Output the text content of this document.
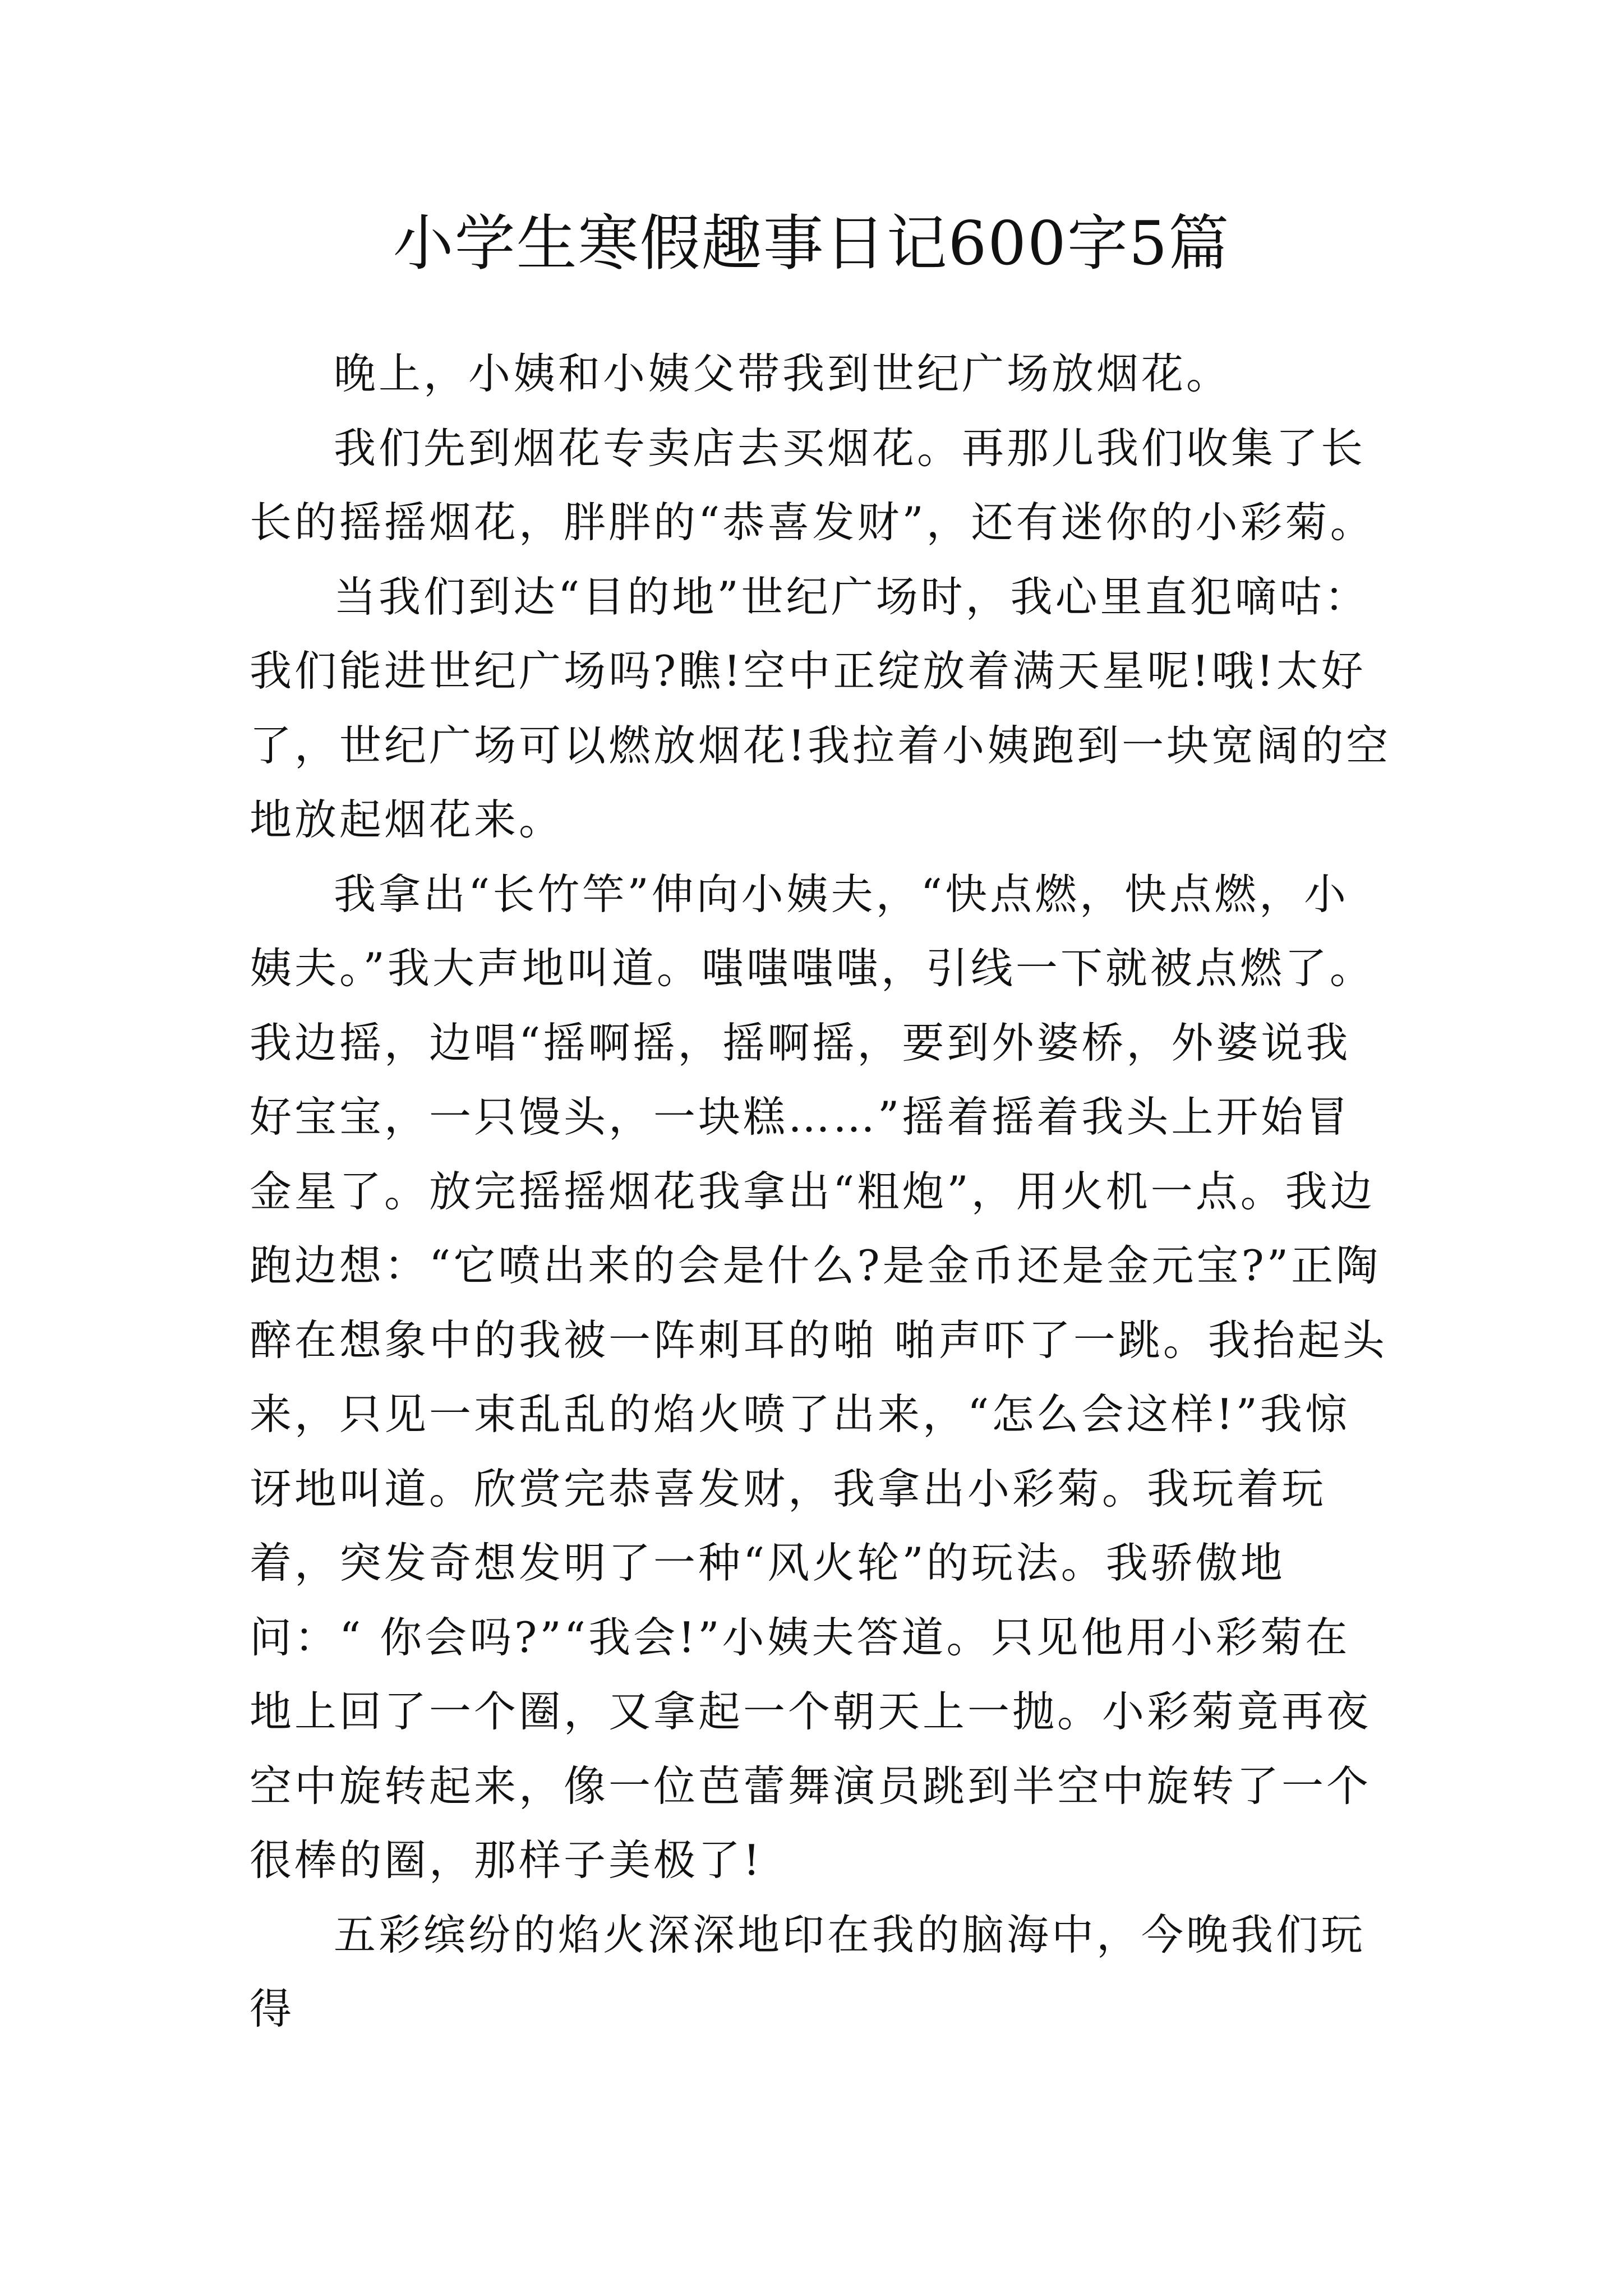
小学生寒假趣事日记600字5篇

晚上，小姨和小姨父带我到世纪广场放烟花。

我们先到烟花专卖店去买烟花。再那儿我们收集了长长的摇摇烟花，胖胖的“恭喜发财”，还有迷你的小彩菊。

当我们到达“目的地”世纪广场时，我心里直犯嘀咕：我们能进世纪广场吗?瞧!空中正绽放着满天星呢!哦!太好了，世纪广场可以燃放烟花!我拉着小姨跑到一块宽阔的空地放起烟花来。

我拿出“长竹竿”伸向小姨夫，“快点燃，快点燃，小姨夫。”我大声地叫道。嗤嗤嗤嗤，引线一下就被点燃了。我边摇，边唱“摇啊摇，摇啊摇，要到外婆桥，外婆说我好宝宝，一只馒头，一块糕……”摇着摇着我头上开始冒金星了。放完摇摇烟花我拿出“粗炮”，用火机一点。我边跑边想：“它喷出来的会是什么?是金币还是金元宝?”正陶醉在想象中的我被一阵刺耳的啪 啪声吓了一跳。我抬起头来，只见一束乱乱的焰火喷了出来，“怎么会这样!”我惊讶地叫道。欣赏完恭喜发财，我拿出小彩菊。我玩着玩着，突发奇想发明了一种“风火轮”的玩法。我骄傲地问：“ 你会吗?”“我会!”小姨夫答道。只见他用小彩菊在地上回了一个圈，又拿起一个朝天上一抛。小彩菊竟再夜空中旋转起来，像一位芭蕾舞演员跳到半空中旋转了一个很棒的圈，那样子美极了!

五彩缤纷的焰火深深地印在我的脑海中，今晚我们玩得
